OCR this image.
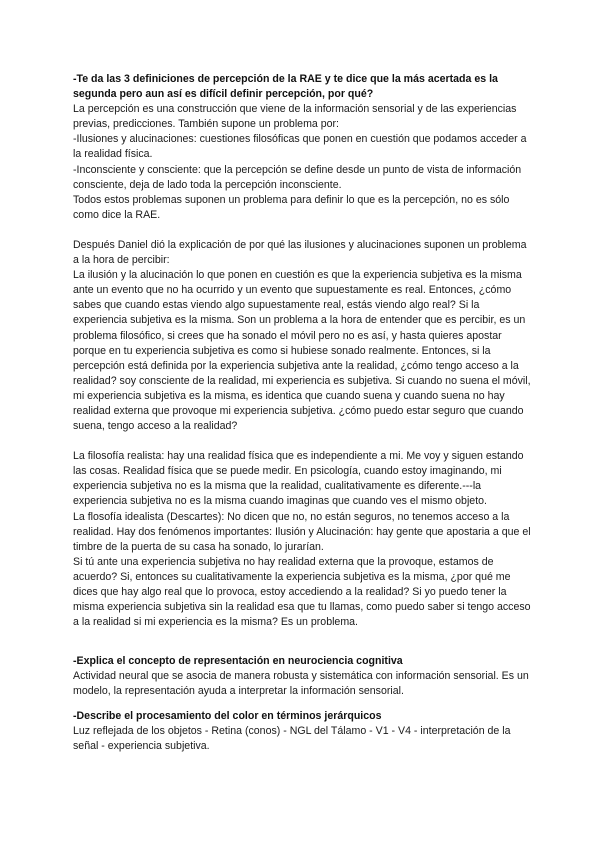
-Te da las 3 definiciones de percepción de la RAE y te dice que la más acertada es la segunda pero aun así es difícil definir percepción, por qué?

La percepción es una construcción que viene de la información sensorial y de las experiencias previas, predicciones. También supone un problema por:

-Ilusiones y alucinaciones: cuestiones filosóficas que ponen en cuestión que podamos acceder a la realidad física.

-Inconsciente y consciente: que la percepción se define desde un punto de vista de información consciente, deja de lado toda la percepción inconsciente.

Todos estos problemas suponen un problema para definir lo que es la percepción, no es sólo como dice la RAE.

Después Daniel dió la explicación de por qué las ilusiones y alucinaciones suponen un problema a la hora de percibir:

La ilusión y la alucinación lo que ponen en cuestión es que la experiencia subjetiva es la misma ante un evento que no ha ocurrido y un evento que supuestamente es real. Entonces, ¿cómo sabes que cuando estas viendo algo supuestamente real, estás viendo algo real? Si la experiencia subjetiva es la misma. Son un problema a la hora de entender que es percibir, es un problema filosófico, si crees que ha sonado el móvil pero no es así, y hasta quieres apostar porque en tu experiencia subjetiva es como si hubiese sonado realmente. Entonces, si la percepción está definida por la experiencia subjetiva ante la realidad, ¿cómo tengo acceso a la realidad? soy consciente de la realidad, mi experiencia es subjetiva. Si cuando no suena el móvil, mi experiencia subjetiva es la misma, es identica que cuando suena y cuando suena no hay realidad externa que provoque mi experiencia subjetiva. ¿cómo puedo estar seguro que cuando suena, tengo acceso a la realidad?

La filosofía realista: hay una realidad física que es independiente a mi. Me voy y siguen estando las cosas. Realidad física que se puede medir. En psicología, cuando estoy imaginando, mi experiencia subjetiva no es la misma que la realidad, cualitativamente es diferente.---la experiencia subjetiva no es la misma cuando imaginas que cuando ves el mismo objeto.

La flosofía idealista (Descartes): No dicen que no, no están seguros, no tenemos acceso a la realidad. Hay dos fenómenos importantes: Ilusión y Alucinación: hay gente que apostaria a que el timbre de la puerta de su casa ha sonado, lo jurarían.

Si tú ante una experiencia subjetiva no hay realidad externa que la provoque, estamos de acuerdo? Si, entonces su cualitativamente la experiencia subjetiva es la misma, ¿por qué me dices que hay algo real que lo provoca, estoy accediendo a la realidad? Si yo puedo tener la misma experiencia subjetiva sin la realidad esa que tu llamas, como puedo saber si tengo acceso a la realidad si mi experiencia es la misma? Es un problema.

-Explica el concepto de representación en neurociencia cognitiva

Actividad neural que se asocia de manera robusta y sistemática con información sensorial. Es un modelo, la representación ayuda a interpretar la información sensorial.

-Describe el procesamiento del color en términos jerárquicos

Luz reflejada de los objetos - Retina (conos) - NGL del Tálamo - V1 - V4 - interpretación de la señal - experiencia subjetiva.
